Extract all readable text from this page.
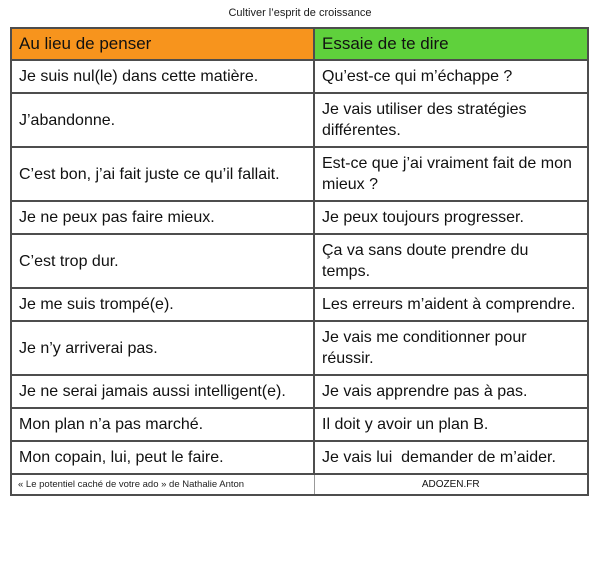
Cultiver l’esprit de croissance
Au lieu de penser	Essaie de te dire
Je suis nul(le) dans cette matière.	Qu’est-ce qui m’échappe ?
J’abandonne.	Je vais utiliser des stratégies différentes.
C’est bon, j’ai fait juste ce qu’il fallait.	Est-ce que j’ai vraiment fait de mon mieux ?
Je ne peux pas faire mieux.	Je peux toujours progresser.
C’est trop dur.	Ça va sans doute prendre du temps.
Je me suis trompé(e).	Les erreurs m’aident à comprendre.
Je n’y arriverai pas.	Je vais me conditionner pour réussir.
Je ne serai jamais aussi intelligent(e).	Je vais apprendre pas à pas.
Mon plan n’a pas marché.	Il doit y avoir un plan B.
Mon copain, lui, peut le faire.	Je vais lui  demander de m’aider.
« Le potentiel caché de votre ado » de Nathalie Anton	ADOZEN.FR
